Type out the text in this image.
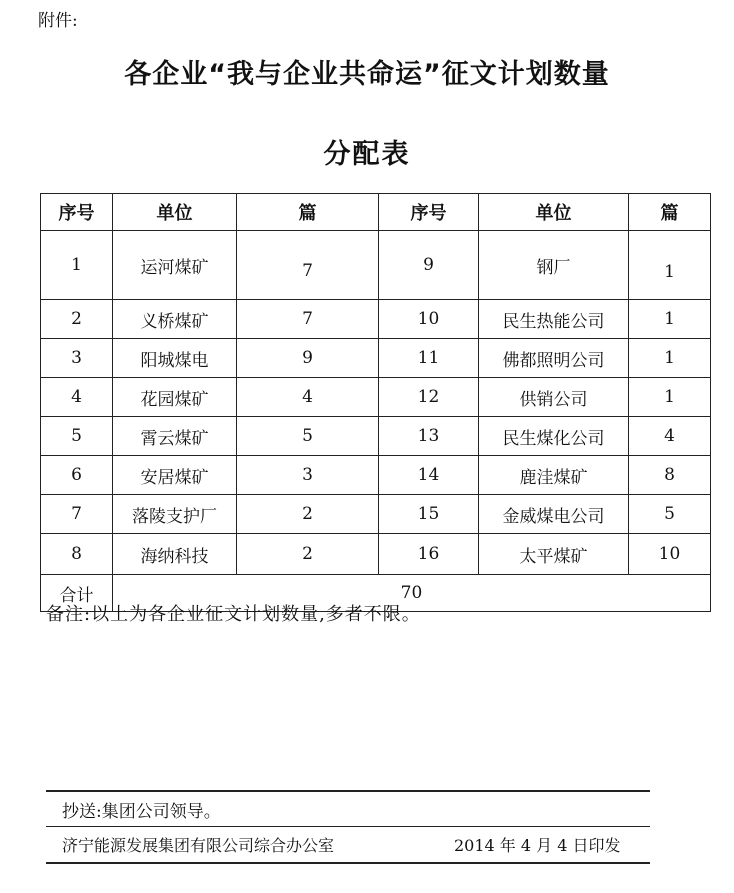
附件:
各企业“我与企业共命运”征文计划数量
分配表
序号	单位	篇	序号	单位	篇
1	运河煤矿	7	9	钢厂	1
2	义桥煤矿	7	10	民生热能公司	1
3	阳城煤电	9	11	佛都照明公司	1
4	花园煤矿	4	12	供销公司	1
5	霄云煤矿	5	13	民生煤化公司	4
6	安居煤矿	3	14	鹿洼煤矿	8
7	落陵支护厂	2	15	金威煤电公司	5
8	海纳科技	2	16	太平煤矿	10
合计	70				
备注:以上为各企业征文计划数量,多者不限。
抄送:集团公司领导。
济宁能源发展集团有限公司综合办公室	2014 年 4 月 4 日印发
